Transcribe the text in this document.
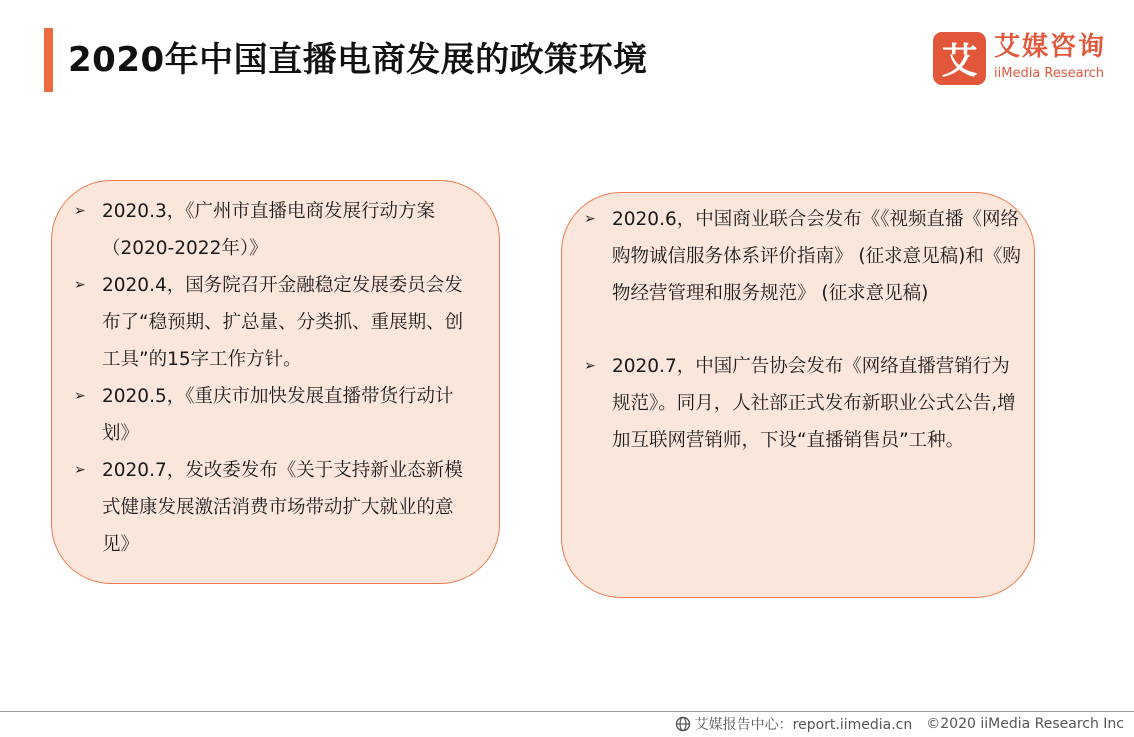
2020年中国直播电商发展的政策环境	艾 艾媒咨询
iiMedia Research
➢ 2020.3，《广州市直播电商发展行动方案（2020-2022年）》
➢ 2020.4，国务院召开金融稳定发展委员会发布了“稳预期、扩总量、分类抓、重展期、创工具”的15字工作方针。
➢ 2020.5，《重庆市加快发展直播带货行动计划》
➢ 2020.7，发改委发布《关于支持新业态新模式健康发展激活消费市场带动扩大就业的意见》
➢ 2020.6，中国商业联合会发布《《视频直播《网络购物诚信服务体系评价指南》 (征求意见稿)和《购物经营管理和服务规范》 (征求意见稿)
➢ 2020.7，中国广告协会发布《网络直播营销行为规范》。同月，人社部正式发布新职业公式公告,增加互联网营销师，下设“直播销售员”工种。
艾媒报告中心：report.iimedia.cn ©2020 iiMedia Research Inc
